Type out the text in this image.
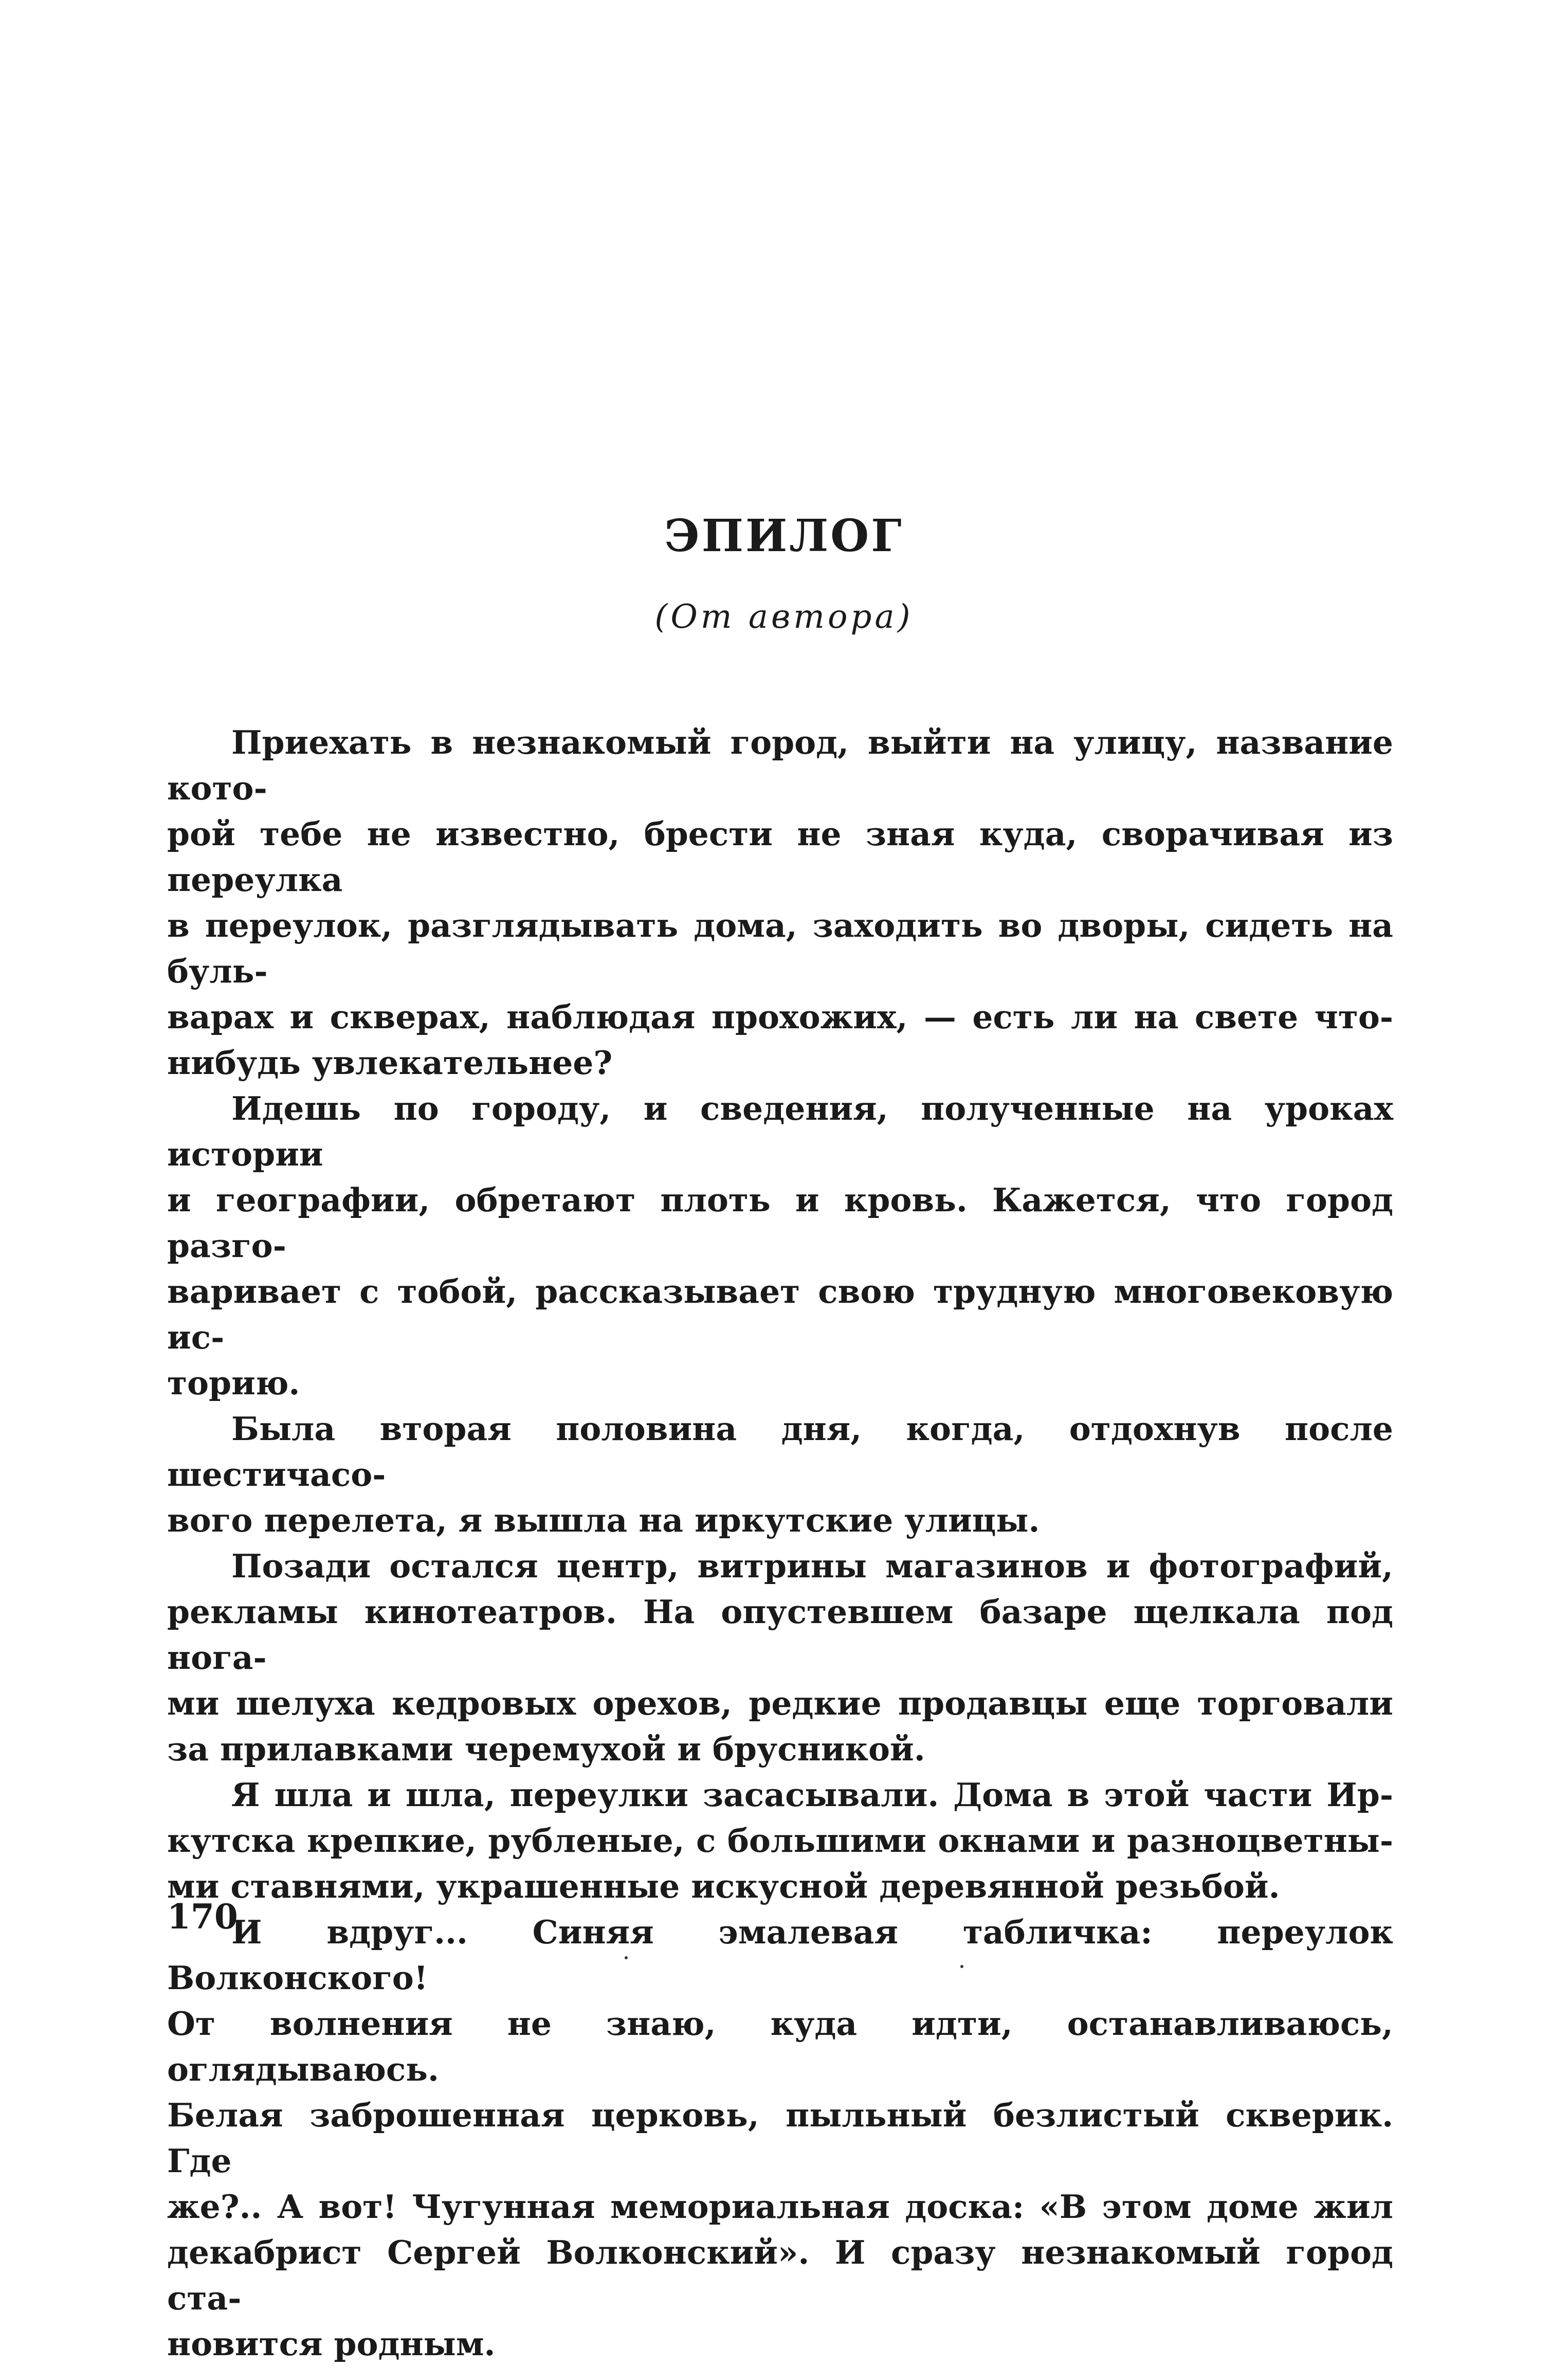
ЭПИЛОГ
(От автора)

Приехать в незнакомый город, выйти на улицу, название кото-
рой тебе не известно, брести не зная куда, сворачивая из переулка
в переулок, разглядывать дома, заходить во дворы, сидеть на буль-
варах и скверах, наблюдая прохожих, — есть ли на свете что-
нибудь увлекательнее?

Идешь по городу, и сведения, полученные на уроках истории
и географии, обретают плоть и кровь. Кажется, что город разго-
варивает с тобой, рассказывает свою трудную многовековую ис-
торию.

Была вторая половина дня, когда, отдохнув после шестичасо-
вого перелета, я вышла на иркутские улицы.

Позади остался центр, витрины магазинов и фотографий,
рекламы кинотеатров. На опустевшем базаре щелкала под нога-
ми шелуха кедровых орехов, редкие продавцы еще торговали
за прилавками черемухой и брусникой.

Я шла и шла, переулки засасывали. Дома в этой части Ир-
кутска крепкие, рубленые, с большими окнами и разноцветны-
ми ставнями, украшенные искусной деревянной резьбой.

И вдруг... Синяя эмалевая табличка: переулок Волконского!
От волнения не знаю, куда идти, останавливаюсь, оглядываюсь.
Белая заброшенная церковь, пыльный безлистый скверик. Где
же?.. А вот! Чугунная мемориальная доска: «В этом доме жил
декабрист Сергей Волконский». И сразу незнакомый город ста-
новится родным.

170
